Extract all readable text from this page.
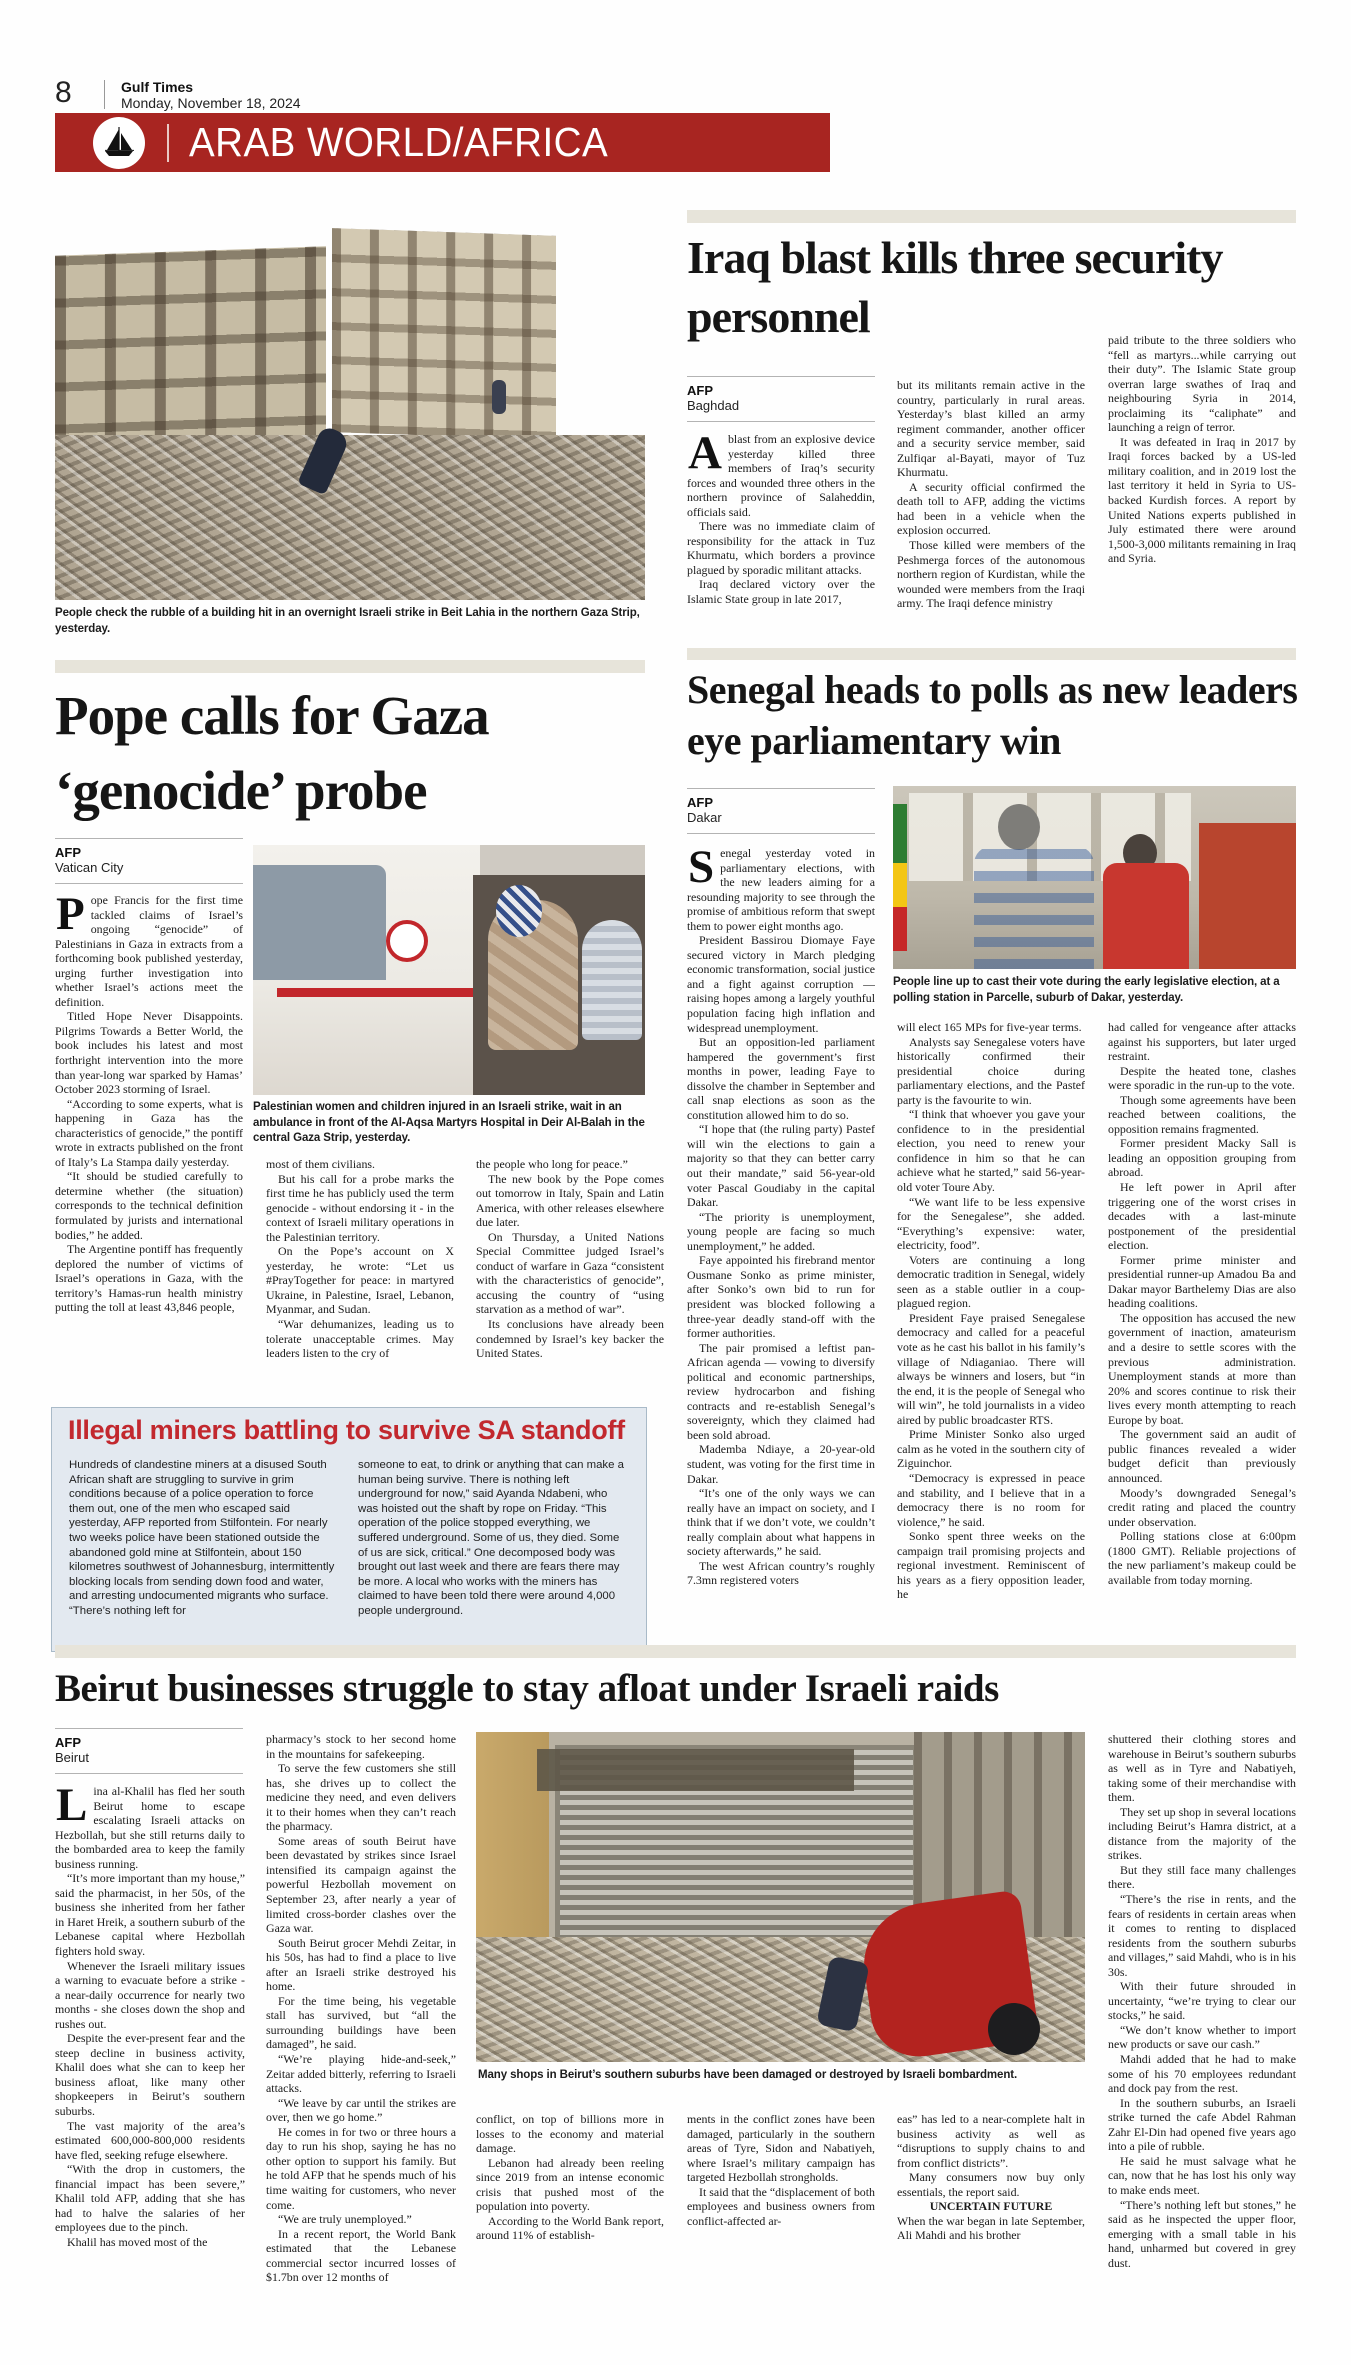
8	Gulf Times
Monday, November 18, 2024
ARAB WORLD/AFRICA
People check the rubble of a building hit in an overnight Israeli strike in Beit Lahia in the northern Gaza Strip, yesterday.
Iraq blast kills three security personnel
AFP
Baghdad
A blast from an explosive device yesterday killed three members of Iraq’s security forces and wounded three others in the northern province of Salaheddin, officials said.

There was no immediate claim of responsibility for the attack in Tuz Khurmatu, which borders a province plagued by sporadic militant attacks.

Iraq declared victory over the Islamic State group in late 2017,

but its militants remain active in the country, particularly in rural areas. Yesterday’s blast killed an army regiment commander, another officer and a security service member, said Zulfiqar al-Bayati, mayor of Tuz Khurmatu.

A security official confirmed the death toll to AFP, adding the victims had been in a vehicle when the explosion occurred.

Those killed were members of the Peshmerga forces of the autonomous northern region of Kurdistan, while the wounded were members from the Iraqi army. The Iraqi defence ministry

paid tribute to the three soldiers who “fell as martyrs...while carrying out their duty”. The Islamic State group overran large swathes of Iraq and neighbouring Syria in 2014, proclaiming its “caliphate” and launching a reign of terror.

It was defeated in Iraq in 2017 by Iraqi forces backed by a US-led military coalition, and in 2019 lost the last territory it held in Syria to US-backed Kurdish forces. A report by United Nations experts published in July estimated there were around 1,500-3,000 militants remaining in Iraq and Syria.

Pope calls for Gaza ‘genocide’ probe
AFP
Vatican City
Palestinian women and children injured in an Israeli strike, wait in an ambulance in front of the Al-Aqsa Martyrs Hospital in Deir Al-Balah in the central Gaza Strip, yesterday.
P ope Francis for the first time tackled claims of Israel’s ongoing “genocide” of Palestinians in Gaza in extracts from a forthcoming book published yesterday, urging further investigation into whether Israel’s actions meet the definition.

Titled Hope Never Disappoints. Pilgrims Towards a Better World, the book includes his latest and most forthright intervention into the more than year-long war sparked by Hamas’ October 2023 storming of Israel.

“According to some experts, what is happening in Gaza has the characteristics of genocide,” the pontiff wrote in extracts published on the front of Italy’s La Stampa daily yesterday.

“It should be studied carefully to determine whether (the situation) corresponds to the technical definition formulated by jurists and international bodies,” he added.

The Argentine pontiff has frequently deplored the number of victims of Israel’s operations in Gaza, with the territory’s Hamas-run health ministry putting the toll at least 43,846 people,

most of them civilians.

But his call for a probe marks the first time he has publicly used the term genocide - without endorsing it - in the context of Israeli military operations in the Palestinian territory.

On the Pope’s account on X yesterday, he wrote: “Let us #PrayTogether for peace: in martyred Ukraine, in Palestine, Israel, Lebanon, Myanmar, and Sudan.

“War dehumanizes, leading us to tolerate unacceptable crimes. May leaders listen to the cry of

the people who long for peace.”

The new book by the Pope comes out tomorrow in Italy, Spain and Latin America, with other releases elsewhere due later.

On Thursday, a United Nations Special Committee judged Israel’s conduct of warfare in Gaza “consistent with the characteristics of genocide”, accusing the country of “using starvation as a method of war”.

Its conclusions have already been condemned by Israel’s key backer the United States.

Senegal heads to polls as new leaders eye parliamentary win
AFP
Dakar
People line up to cast their vote during the early legislative election, at a polling station in Parcelle, suburb of Dakar, yesterday.
S enegal yesterday voted in parliamentary elections, with the new leaders aiming for a resounding majority to see through the promise of ambitious reform that swept them to power eight months ago.

President Bassirou Diomaye Faye secured victory in March pledging economic transformation, social justice and a fight against corruption — raising hopes among a largely youthful population facing high inflation and widespread unemployment.

But an opposition-led parliament hampered the government’s first months in power, leading Faye to dissolve the chamber in September and call snap elections as soon as the constitution allowed him to do so.

“I hope that (the ruling party) Pastef will win the elections to gain a majority so that they can better carry out their mandate,” said 56-year-old voter Pascal Goudiaby in the capital Dakar.

“The priority is unemployment, young people are facing so much unemployment,” he added.

Faye appointed his firebrand mentor Ousmane Sonko as prime minister, after Sonko’s own bid to run for president was blocked following a three-year deadly stand-off with the former authorities.

The pair promised a leftist pan-African agenda — vowing to diversify political and economic partnerships, review hydrocarbon and fishing contracts and re-establish Senegal’s sovereignty, which they claimed had been sold abroad.

Mademba Ndiaye, a 20-year-old student, was voting for the first time in Dakar.

“It’s one of the only ways we can really have an impact on society, and I think that if we don’t vote, we couldn’t really complain about what happens in society afterwards,” he said.

The west African country’s roughly 7.3mn registered voters

will elect 165 MPs for five-year terms.

Analysts say Senegalese voters have historically confirmed their presidential choice during parliamentary elections, and the Pastef party is the favourite to win.

“I think that whoever you gave your confidence to in the presidential election, you need to renew your confidence in him so that he can achieve what he started,” said 56-year-old voter Toure Aby.

“We want life to be less expensive for the Senegalese”, she added. “Everything’s expensive: water, electricity, food”.

Voters are continuing a long democratic tradition in Senegal, widely seen as a stable outlier in a coup-plagued region.

President Faye praised Senegalese democracy and called for a peaceful vote as he cast his ballot in his family’s village of Ndiaganiao. There will always be winners and losers, but “in the end, it is the people of Senegal who will win”, he told journalists in a video aired by public broadcaster RTS.

Prime Minister Sonko also urged calm as he voted in the southern city of Ziguinchor.

“Democracy is expressed in peace and stability, and I believe that in a democracy there is no room for violence,” he said.

Sonko spent three weeks on the campaign trail promising projects and regional investment. Reminiscent of his years as a fiery opposition leader, he

had called for vengeance after attacks against his supporters, but later urged restraint.

Despite the heated tone, clashes were sporadic in the run-up to the vote.

Though some agreements have been reached between coalitions, the opposition remains fragmented.

Former president Macky Sall is leading an opposition grouping from abroad.

He left power in April after triggering one of the worst crises in decades with a last-minute postponement of the presidential election.

Former prime minister and presidential runner-up Amadou Ba and Dakar mayor Barthelemy Dias are also heading coalitions.

The opposition has accused the new government of inaction, amateurism and a desire to settle scores with the previous administration. Unemployment stands at more than 20% and scores continue to risk their lives every month attempting to reach Europe by boat.

The government said an audit of public finances revealed a wider budget deficit than previously announced.

Moody’s downgraded Senegal’s credit rating and placed the country under observation.

Polling stations close at 6:00pm (1800 GMT). Reliable projections of the new parliament’s makeup could be available from today morning.

Illegal miners battling to survive SA standoff
Hundreds of clandestine miners at a disused South African shaft are struggling to survive in grim conditions because of a police operation to force them out, one of the men who escaped said yesterday, AFP reported from Stilfontein. For nearly two weeks police have been stationed outside the abandoned gold mine at Stilfontein, about 150 kilometres southwest of Johannesburg, intermittently blocking locals from sending down food and water, and arresting undocumented migrants who surface. “There’s nothing left for
someone to eat, to drink or anything that can make a human being survive. There is nothing left underground for now,” said Ayanda Ndabeni, who was hoisted out the shaft by rope on Friday. “This operation of the police stopped everything, we suffered underground. Some of us, they died. Some of us are sick, critical.” One decomposed body was brought out last week and there are fears there may be more. A local who works with the miners has claimed to have been told there were around 4,000 people underground.
Beirut businesses struggle to stay afloat under Israeli raids
AFP
Beirut
L ina al-Khalil has fled her south Beirut home to escape escalating Israeli attacks on Hezbollah, but she still returns daily to the bombarded area to keep the family business running.

“It’s more important than my house,” said the pharmacist, in her 50s, of the business she inherited from her father in Haret Hreik, a southern suburb of the Lebanese capital where Hezbollah fighters hold sway.

Whenever the Israeli military issues a warning to evacuate before a strike - a near-daily occurrence for nearly two months - she closes down the shop and rushes out.

Despite the ever-present fear and the steep decline in business activity, Khalil does what she can to keep her business afloat, like many other shopkeepers in Beirut’s southern suburbs.

The vast majority of the area’s estimated 600,000-800,000 residents have fled, seeking refuge elsewhere.

“With the drop in customers, the financial impact has been severe,” Khalil told AFP, adding that she has had to halve the salaries of her employees due to the pinch.

Khalil has moved most of the

pharmacy’s stock to her second home in the mountains for safekeeping.

To serve the few customers she still has, she drives up to collect the medicine they need, and even delivers it to their homes when they can’t reach the pharmacy.

Some areas of south Beirut have been devastated by strikes since Israel intensified its campaign against the powerful Hezbollah movement on September 23, after nearly a year of limited cross-border clashes over the Gaza war.

South Beirut grocer Mehdi Zeitar, in his 50s, has had to find a place to live after an Israeli strike destroyed his home.

For the time being, his vegetable stall has survived, but “all the surrounding buildings have been damaged”, he said.

“We’re playing hide-and-seek,” Zeitar added bitterly, referring to Israeli attacks.

“We leave by car until the strikes are over, then we go home.”

He comes in for two or three hours a day to run his shop, saying he has no other option to support his family. But he told AFP that he spends much of his time waiting for customers, who never come.

“We are truly unemployed.”

In a recent report, the World Bank estimated that the Lebanese commercial sector incurred losses of $1.7bn over 12 months of

Many shops in Beirut’s southern suburbs have been damaged or destroyed by Israeli bombardment.

conflict, on top of billions more in losses to the economy and material damage.

Lebanon had already been reeling since 2019 from an intense economic crisis that pushed most of the population into poverty.

According to the World Bank report, around 11% of establish-

ments in the conflict zones have been damaged, particularly in the southern areas of Tyre, Sidon and Nabatiyeh, where Israel’s military campaign has targeted Hezbollah strongholds.

It said that the “displacement of both employees and business owners from conflict-affected ar-

eas” has led to a near-complete halt in business activity as well as “disruptions to supply chains to and from conflict districts”.

Many consumers now buy only essentials, the report said.

UNCERTAIN FUTURE

When the war began in late September, Ali Mahdi and his brother

shuttered their clothing stores and warehouse in Beirut’s southern suburbs as well as in Tyre and Nabatiyeh, taking some of their merchandise with them.

They set up shop in several locations including Beirut’s Hamra district, at a distance from the majority of the strikes.

But they still face many challenges there.

“There’s the rise in rents, and the fears of residents in certain areas when it comes to renting to displaced residents from the southern suburbs and villages,” said Mahdi, who is in his 30s.

With their future shrouded in uncertainty, “we’re trying to clear our stocks,” he said.

“We don’t know whether to import new products or save our cash.”

Mahdi added that he had to make some of his 70 employees redundant and dock pay from the rest.

In the southern suburbs, an Israeli strike turned the cafe Abdel Rahman Zahr El-Din had opened five years ago into a pile of rubble.

He said he must salvage what he can, now that he has lost his only way to make ends meet.

“There’s nothing left but stones,” he said as he inspected the upper floor, emerging with a small table in his hand, unharmed but covered in grey dust.
